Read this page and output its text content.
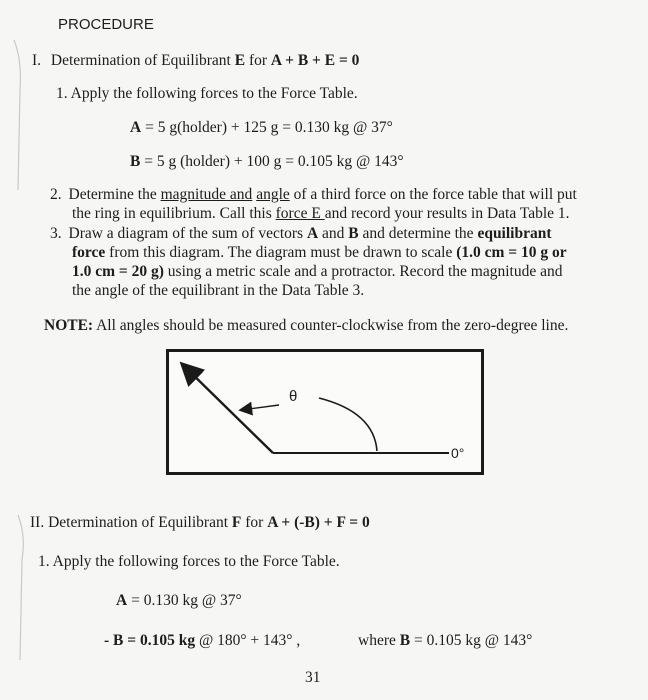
PROCEDURE
I. Determination of Equilibrant E for A + B + E = 0
1. Apply the following forces to the Force Table.
A = 5 g(holder) + 125 g = 0.130 kg @ 37°
B = 5 g (holder) + 100 g = 0.105 kg @ 143°
2. Determine the magnitude and angle of a third force on the force table that will put
the ring in equilibrium. Call this force E and record your results in Data Table 1.
3. Draw a diagram of the sum of vectors A and B and determine the equilibrant
force from this diagram. The diagram must be drawn to scale (1.0 cm = 10 g or
1.0 cm = 20 g) using a metric scale and a protractor. Record the magnitude and
the angle of the equilibrant in the Data Table 3.
NOTE: All angles should be measured counter-clockwise from the zero-degree line.
θ
0°
II. Determination of Equilibrant F for A + (-B) + F = 0
1. Apply the following forces to the Force Table.
A = 0.130 kg @ 37°
- B = 0.105 kg @ 180° + 143° ,	where B = 0.105 kg @ 143°
31
